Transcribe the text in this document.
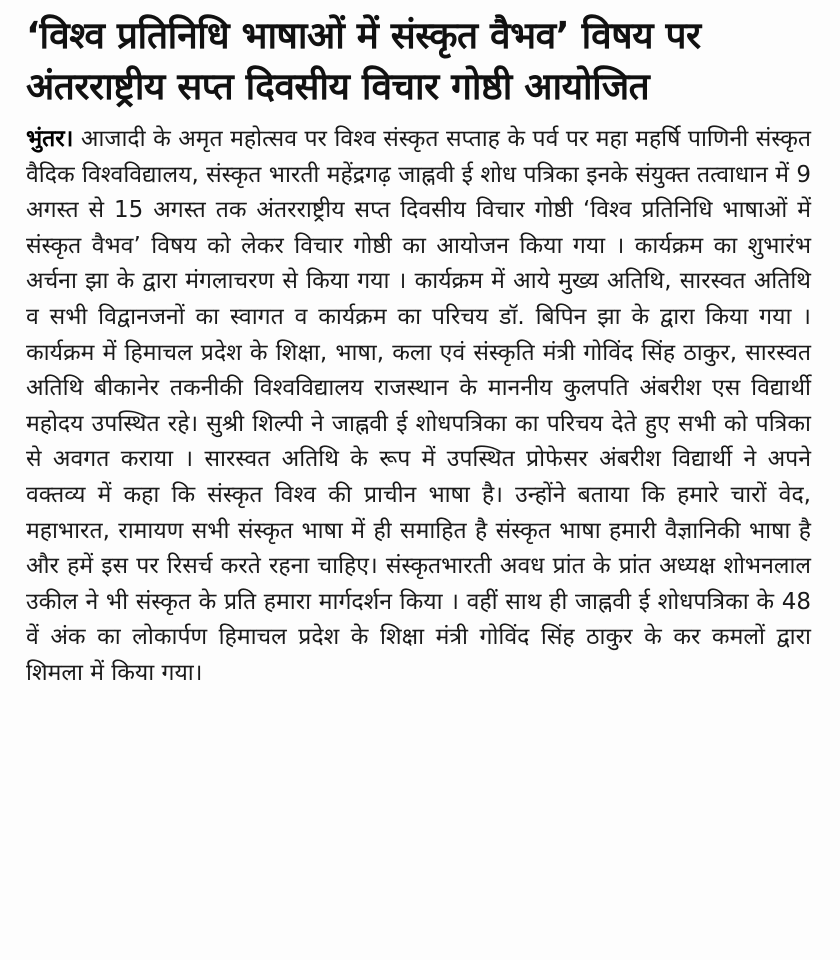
‘विश्व प्रतिनिधि भाषाओं में संस्कृत वैभव’ विषय पर
अंतरराष्ट्रीय सप्त दिवसीय विचार गोष्ठी आयोजित
भुंतर। आजादी के अमृत महोत्सव पर विश्व संस्कृत सप्ताह के पर्व पर महा महर्षि पाणिनी संस्कृत वैदिक विश्वविद्यालय, संस्कृत भारती महेंद्रगढ़ जाह्नवी ई शोध पत्रिका इनके संयुक्त तत्वाधान में 9 अगस्त से 15 अगस्त तक अंतरराष्ट्रीय सप्त दिवसीय विचार गोष्ठी ‘विश्व प्रतिनिधि भाषाओं में संस्कृत वैभव’ विषय को लेकर विचार गोष्ठी का आयोजन किया गया । कार्यक्रम का शुभारंभ अर्चना झा के द्वारा मंगलाचरण से किया गया । कार्यक्रम में आये मुख्य अतिथि, सारस्वत अतिथि व सभी विद्वानजनों का स्वागत व कार्यक्रम का परिचय डॉ. बिपिन झा के द्वारा किया गया । कार्यक्रम में हिमाचल प्रदेश के शिक्षा, भाषा, कला एवं संस्कृति मंत्री गोविंद सिंह ठाकुर, सारस्वत अतिथि बीकानेर तकनीकी विश्वविद्यालय राजस्थान के माननीय कुलपति अंबरीश एस विद्यार्थी महोदय उपस्थित रहे। सुश्री शिल्पी ने जाह्नवी ई शोधपत्रिका का परिचय देते हुए सभी को पत्रिका से अवगत कराया । सारस्वत अतिथि के रूप में उपस्थित प्रोफेसर अंबरीश विद्यार्थी ने अपने वक्तव्य में कहा कि संस्कृत विश्व की प्राचीन भाषा है। उन्होंने बताया कि हमारे चारों वेद, महाभारत, रामायण सभी संस्कृत भाषा में ही समाहित है संस्कृत भाषा हमारी वैज्ञानिकी भाषा है और हमें इस पर रिसर्च करते रहना चाहिए। संस्कृतभारती अवध प्रांत के प्रांत अध्यक्ष शोभनलाल उकील ने भी संस्कृत के प्रति हमारा मार्गदर्शन किया । वहीं साथ ही जाह्नवी ई शोधपत्रिका के 48 वें अंक का लोकार्पण हिमाचल प्रदेश के शिक्षा मंत्री गोविंद सिंह ठाकुर के कर कमलों द्वारा शिमला में किया गया।
